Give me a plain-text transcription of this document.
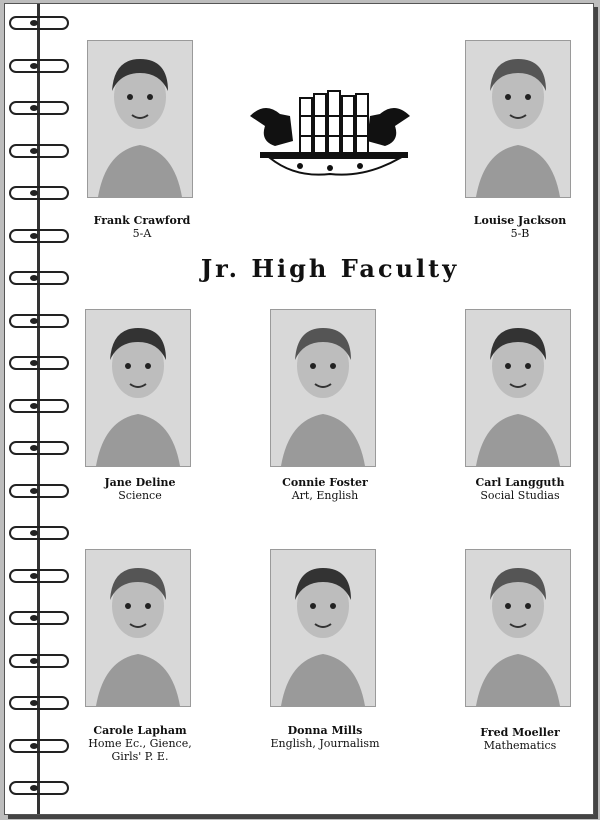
Jr. High Faculty
Frank Crawford
5-A
Louise Jackson
5-B
Jane Deline
Science
Connie Foster
Art, English
Carl Langguth
Social Studias
Carole Lapham
Home Ec., Gience,
Girls' P. E.
Donna Mills
English, Journalism
Fred Moeller
Mathematics
